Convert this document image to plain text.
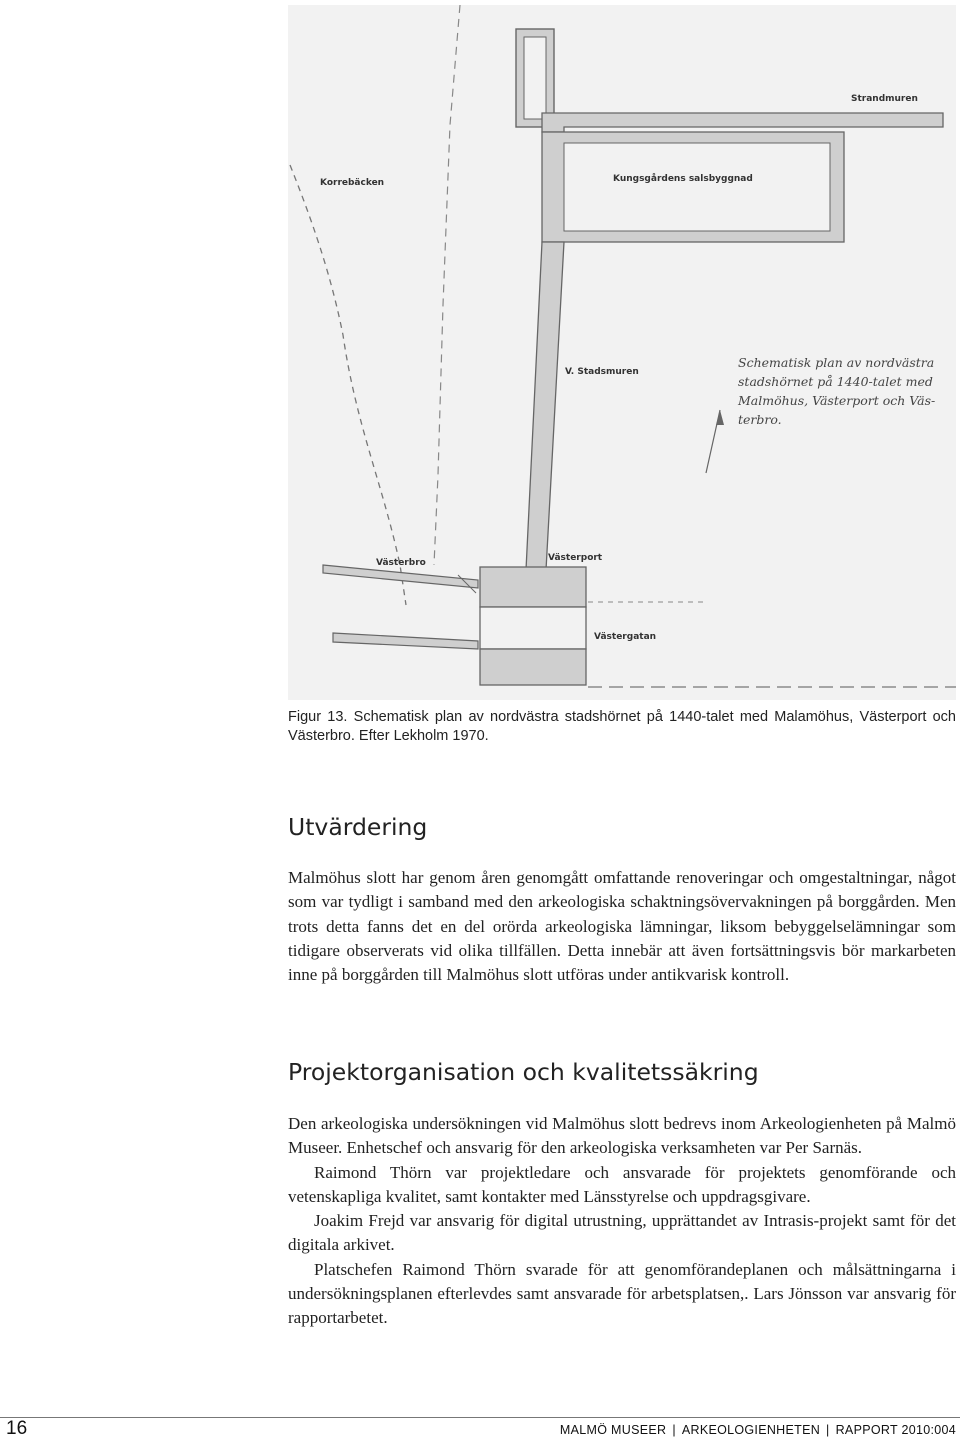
Strandmuren
Korrebäcken	Kungsgårdens salsbyggnad
V. Stadsmuren
Västerbro	Västerport
Västergatan
Schematisk plan av nordvästra
stadshörnet på 1440-talet med
Malmöhus, Västerport och Väs-
terbro.
Figur 13. Schematisk plan av nordvästra stadshörnet på 1440-talet med Malamöhus, Västerport och Västerbro. Efter Lekholm 1970.
Utvärdering

Malmöhus slott har genom åren genomgått omfattande renoveringar och omgestaltningar, något som var tydligt i samband med den arkeologiska schaktningsövervakningen på borggården. Men trots detta fanns det en del orörda arkeologiska lämningar, liksom bebyggelselämningar som tidigare observerats vid olika tillfällen. Detta innebär att även fortsättningsvis bör markarbeten inne på borggården till Malmöhus slott utföras under antikvarisk kontroll.

Projektorganisation och kvalitetssäkring

Den arkeologiska undersökningen vid Malmöhus slott bedrevs inom Arkeologienheten på Malmö Museer. Enhetschef och ansvarig för den arkeologiska verksamheten var Per Sarnäs.

Raimond Thörn var projektledare och ansvarade för projektets genomförande och vetenskapliga kvalitet, samt kontakter med Länsstyrelse och uppdragsgivare.

Joakim Frejd var ansvarig för digital utrustning, upprättandet av Intrasis-projekt samt för det digitala arkivet.

Platschefen Raimond Thörn svarade för att genomförandeplanen och målsättningarna i undersökningsplanen efterlevdes samt ansvarade för arbetsplatsen,. Lars Jönsson var ansvarig för rapportarbetet.

16	MALMÖ MUSEER | ARKEOLOGIENHETEN | RAPPORT 2010:004
